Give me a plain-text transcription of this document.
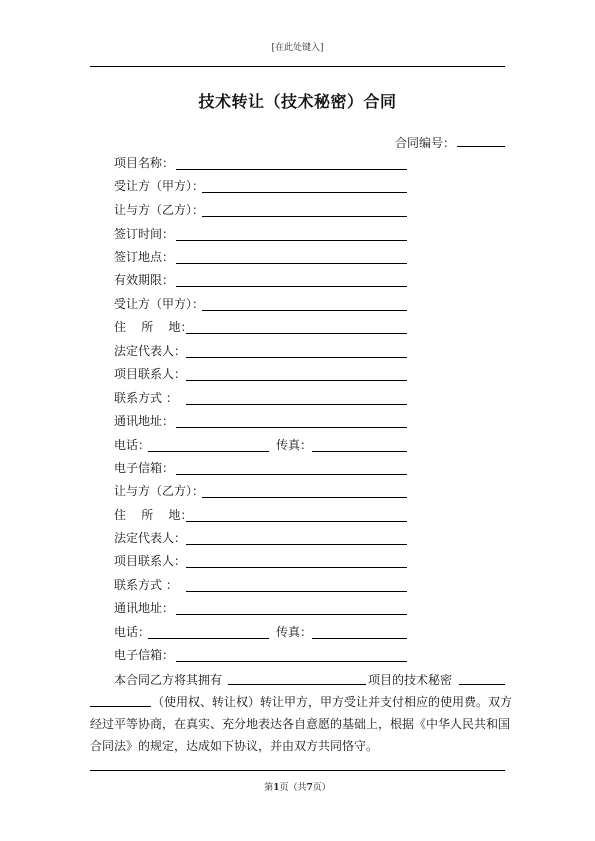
[在此处键入]
技术转让（技术秘密）合同
合同编号：
项目名称：
受让方（甲方）：
让与方（乙方）：
签订时间：
签订地点：
有效期限：
受让方（甲方）：
住    所    地：
法定代表人：
项目联系人：
联系方式 ：
通讯地址：
电话：	传真：
电子信箱：
让与方（乙方）：
住    所    地：
法定代表人：
项目联系人：
联系方式 ：
通讯地址：
电话：	传真：
电子信箱：
本合同乙方将其拥有	项目的技术秘密
（使用权、转让权）转让甲方，甲方受让并支付相应的使用费。双方
经过平等协商，在真实、充分地表达各自意愿的基础上，根据《中华人民共和国
合同法》的规定，达成如下协议，并由双方共同恪守。
第1页（共7页）
